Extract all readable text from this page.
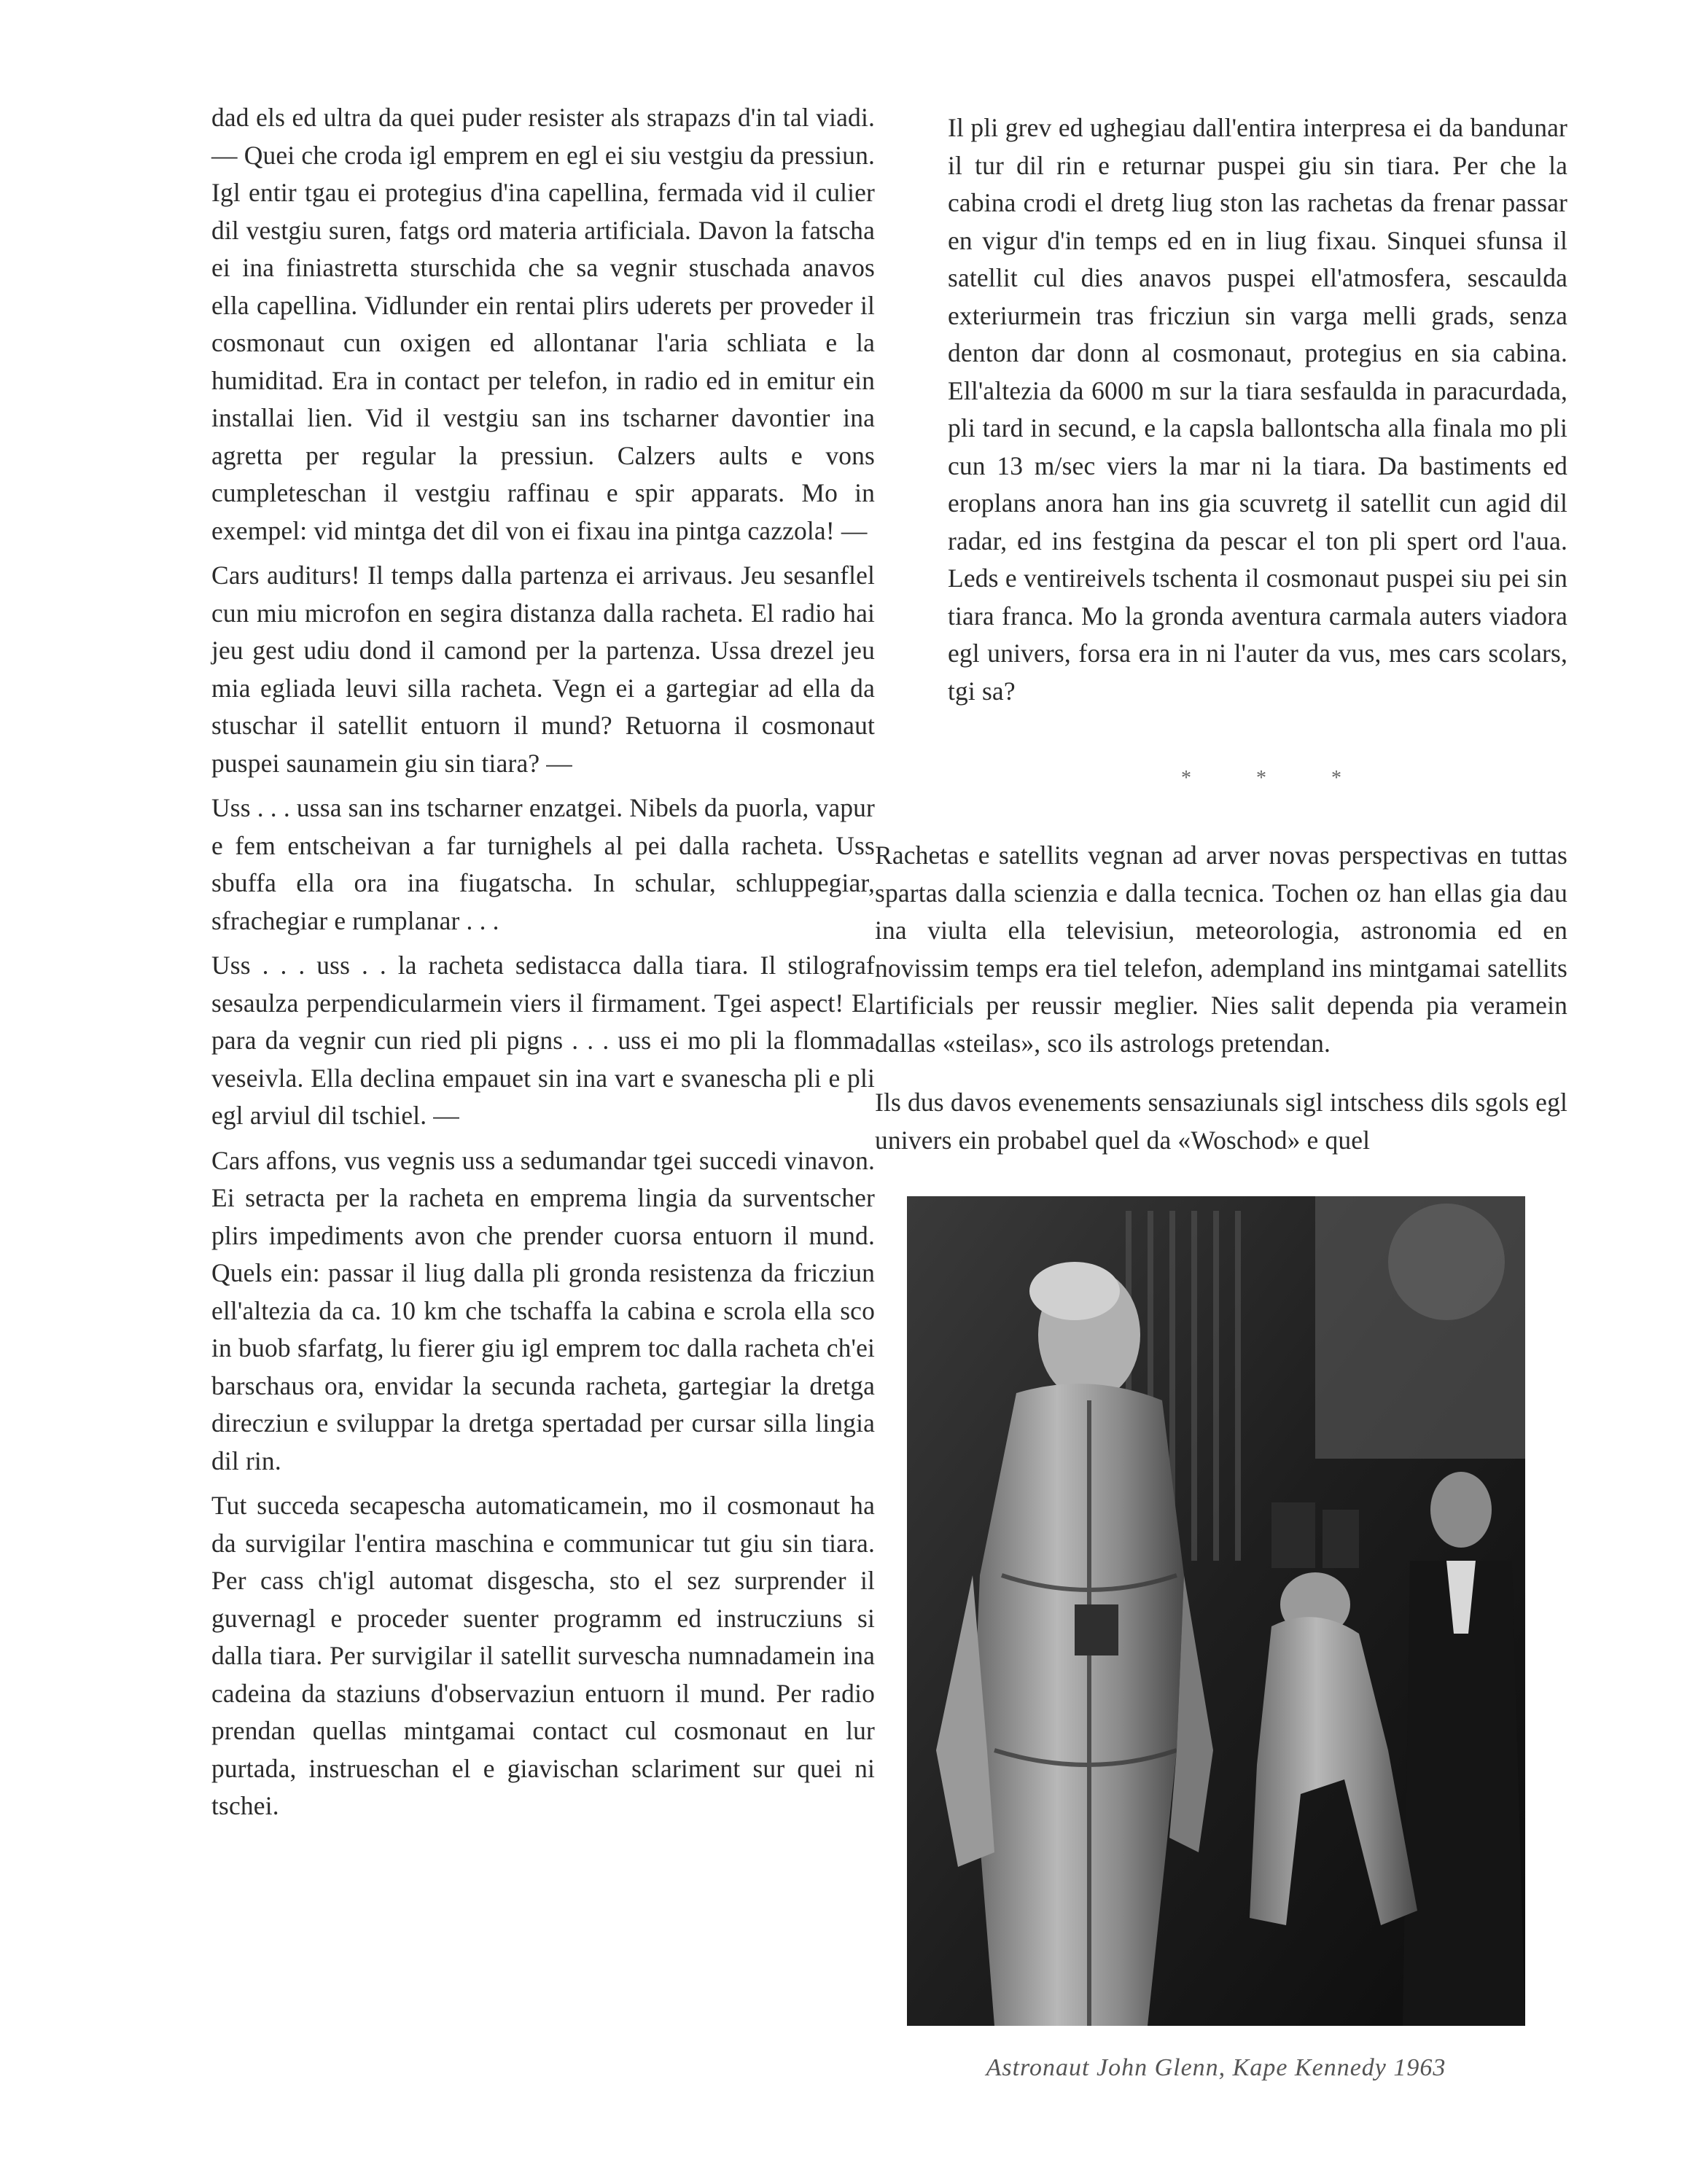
dad els ed ultra da quei puder resister als strapazs d'in tal viadi. — Quei che croda igl emprem en egl ei siu vestgiu da pressiun. Igl entir tgau ei protegius d'ina capellina, fermada vid il culier dil vestgiu suren, fatgs ord materia artificiala. Davon la fatscha ei ina finiastretta sturschida che sa vegnir stuschada anavos ella capellina. Vidlunder ein rentai plirs uderets per proveder il cosmonaut cun oxigen ed allontanar l'aria schliata e la humiditad. Era in contact per telefon, in radio ed in emitur ein installai lien. Vid il vestgiu san ins tscharner davontier ina agretta per regular la pressiun. Calzers aults e vons cumpleteschan il vestgiu raffinau e spir apparats. Mo in exempel: vid mintga det dil von ei fixau ina pintga cazzola! —

Cars auditurs! Il temps dalla partenza ei arrivaus. Jeu sesanflel cun miu microfon en segira distanza dalla racheta. El radio hai jeu gest udiu dond il camond per la partenza. Ussa drezel jeu mia egliada leuvi silla racheta. Vegn ei a gartegiar ad ella da stuschar il satellit entuorn il mund? Retuorna il cosmonaut puspei saunamein giu sin tiara? —

Uss . . . ussa san ins tscharner enzatgei. Nibels da puorla, vapur e fem entscheivan a far turnighels al pei dalla racheta. Uss sbuffa ella ora ina fiugatscha. In schular, schluppegiar, sfrachegiar e rumplanar . . .

Uss . . . uss . . la racheta sedistacca dalla tiara. Il stilograf sesaulza perpendicularmein viers il firmament. Tgei aspect! El para da vegnir cun ried pli pigns . . . uss ei mo pli la flomma veseivla. Ella declina empauet sin ina vart e svanescha pli e pli egl arviul dil tschiel. —

Cars affons, vus vegnis uss a sedumandar tgei succedi vinavon. Ei setracta per la racheta en emprema lingia da surventscher plirs impediments avon che prender cuorsa entuorn il mund. Quels ein: passar il liug dalla pli gronda resistenza da fricziun ell'altezia da ca. 10 km che tschaffa la cabina e scrola ella sco in buob sfarfatg, lu fierer giu igl emprem toc dalla racheta ch'ei barschaus ora, envidar la secunda racheta, gartegiar la dretga direcziun e sviluppar la dretga spertadad per cursar silla lingia dil rin.

Tut succeda secapescha automaticamein, mo il cosmonaut ha da survigilar l'entira maschina e communicar tut giu sin tiara. Per cass ch'igl automat disgescha, sto el sez surprender il guvernagl e proceder suenter programm ed instrucziuns si dalla tiara. Per survigilar il satellit survescha numnadamein ina cadeina da staziuns d'observaziun entuorn il mund. Per radio prendan quellas mintgamai contact cul cosmonaut en lur purtada, instrueschan el e giavischan sclariment sur quei ni tschei.

Il pli grev ed ughegiau dall'entira interpresa ei da bandunar il tur dil rin e returnar puspei giu sin tiara. Per che la cabina crodi el dretg liug ston las rachetas da frenar passar en vigur d'in temps ed en in liug fixau. Sinquei sfunsa il satellit cul dies anavos puspei ell'atmosfera, sescaulda exteriurmein tras fricziun sin varga melli grads, senza denton dar donn al cosmonaut, protegius en sia cabina. Ell'altezia da 6000 m sur la tiara sesfaulda in paracurdada, pli tard in secund, e la capsla ballontscha alla finala mo pli cun 13 m/sec viers la mar ni la tiara. Da bastiments ed eroplans anora han ins gia scuvretg il satellit cun agid dil radar, ed ins festgina da pescar el ton pli spert ord l'aua. Leds e ventireivels tschenta il cosmonaut puspei siu pei sin tiara franca. Mo la gronda aventura carmala auters viadora egl univers, forsa era in ni l'auter da vus, mes cars scolars, tgi sa?

*	*	*

Rachetas e satellits vegnan ad arver novas perspectivas en tuttas spartas dalla scienzia e dalla tecnica. Tochen oz han ellas gia dau ina viulta ella televisiun, meteorologia, astronomia ed en novissim temps era tiel telefon, adempland ins mintgamai satellits artificials per reussir meglier. Nies salit dependa pia veramein dallas «steilas», sco ils astrologs pretendan.

Ils dus davos evenements sensaziunals sigl intschess dils sgols egl univers ein probabel quel da «Woschod» e quel

Astronaut John Glenn, Kape Kennedy 1963
